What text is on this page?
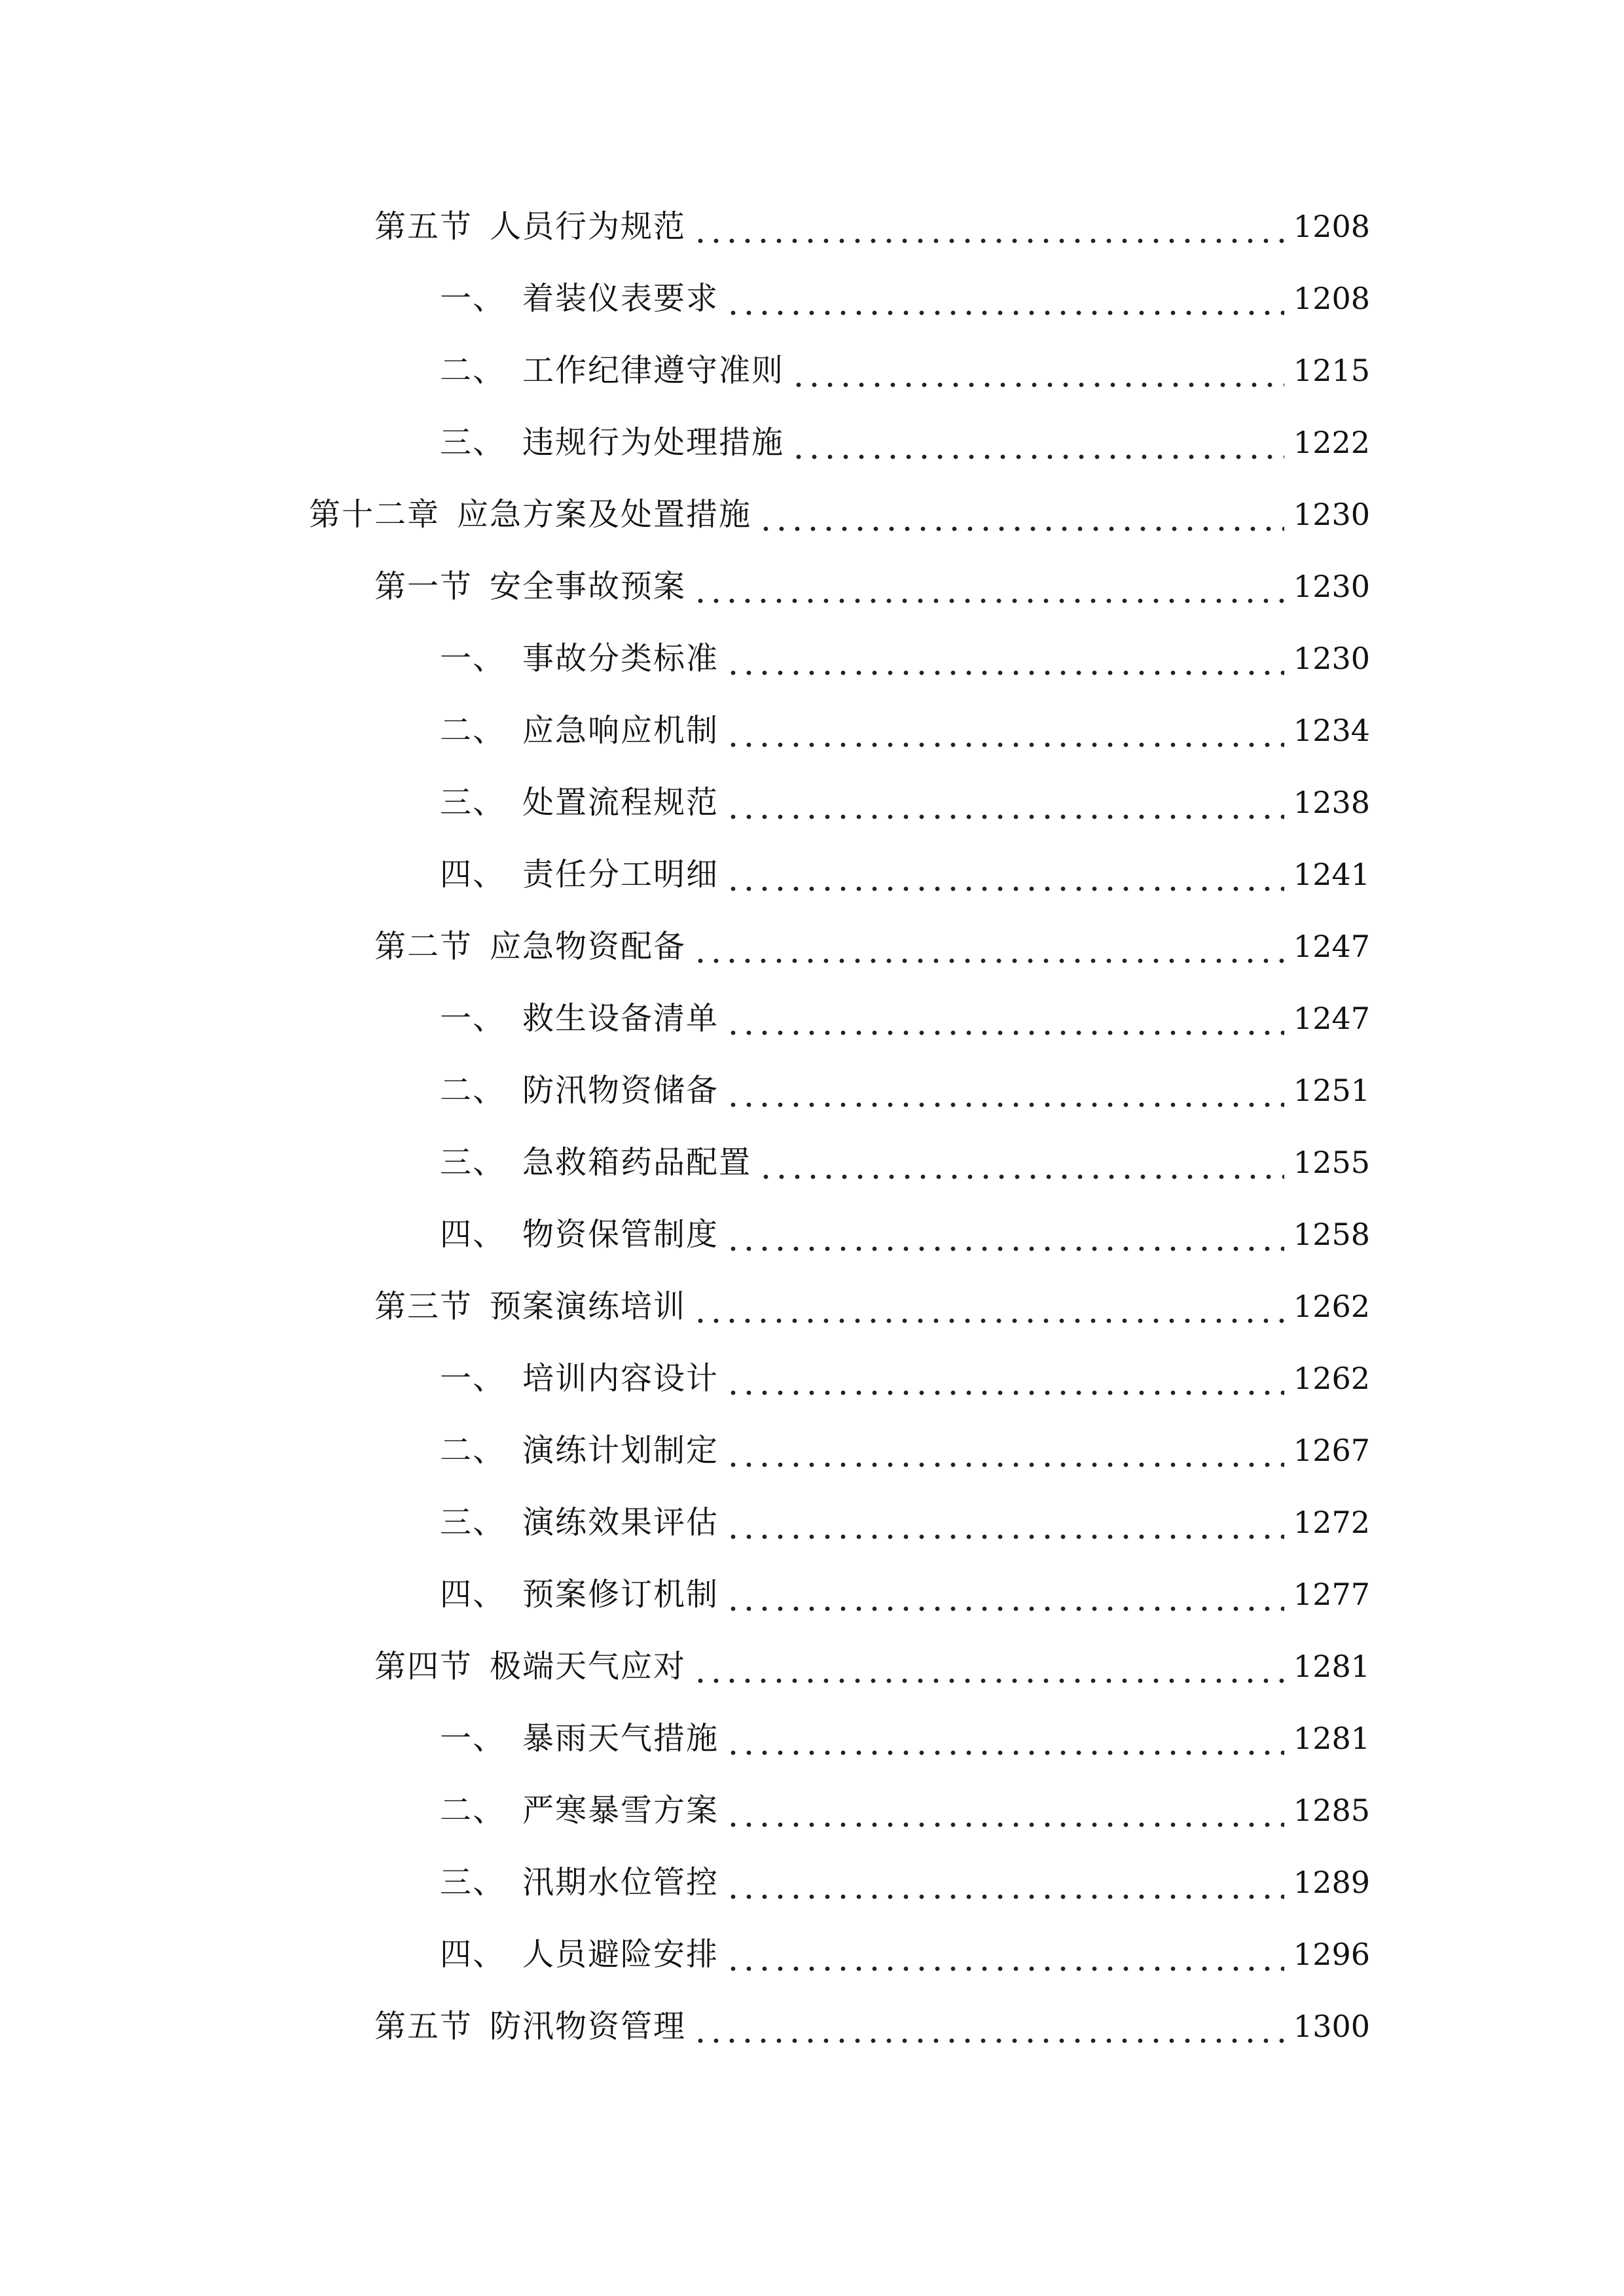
第五节 人员行为规范	1208
一、 着装仪表要求	1208
二、 工作纪律遵守准则	1215
三、 违规行为处理措施	1222
第十二章 应急方案及处置措施	1230
第一节 安全事故预案	1230
一、 事故分类标准	1230
二、 应急响应机制	1234
三、 处置流程规范	1238
四、 责任分工明细	1241
第二节 应急物资配备	1247
一、 救生设备清单	1247
二、 防汛物资储备	1251
三、 急救箱药品配置	1255
四、 物资保管制度	1258
第三节 预案演练培训	1262
一、 培训内容设计	1262
二、 演练计划制定	1267
三、 演练效果评估	1272
四、 预案修订机制	1277
第四节 极端天气应对	1281
一、 暴雨天气措施	1281
二、 严寒暴雪方案	1285
三、 汛期水位管控	1289
四、 人员避险安排	1296
第五节 防汛物资管理	1300
